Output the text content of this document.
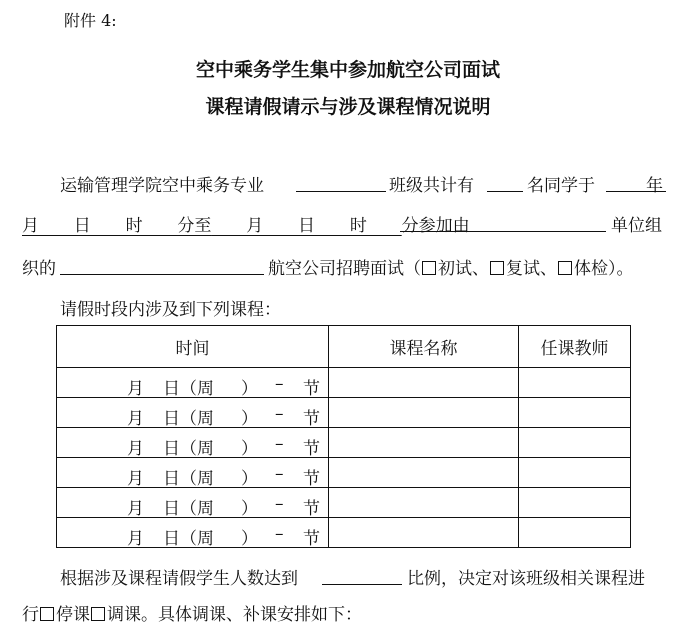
附件 4:
空中乘务学生集中参加航空公司面试
课程请假请示与涉及课程情况说明
运输管理学院空中乘务专业	班级共计有	名同学于	年
月  日  时  分至  月  日  时  分参加由	单位组
织的	航空公司招聘面试（ 初试、 复试、 体检）。
请假时段内涉及到下列课程：
时间	课程名称	任课教师

月 日（周 ） – 节		

月 日（周 ） – 节		

月 日（周 ） – 节		

月 日（周 ） – 节		

月 日（周 ） – 节		

月 日（周 ） – 节		

根据涉及课程请假学生人数达到	比例，决定对该班级相关课程进
行 停课 调课。具体调课、补课安排如下：
